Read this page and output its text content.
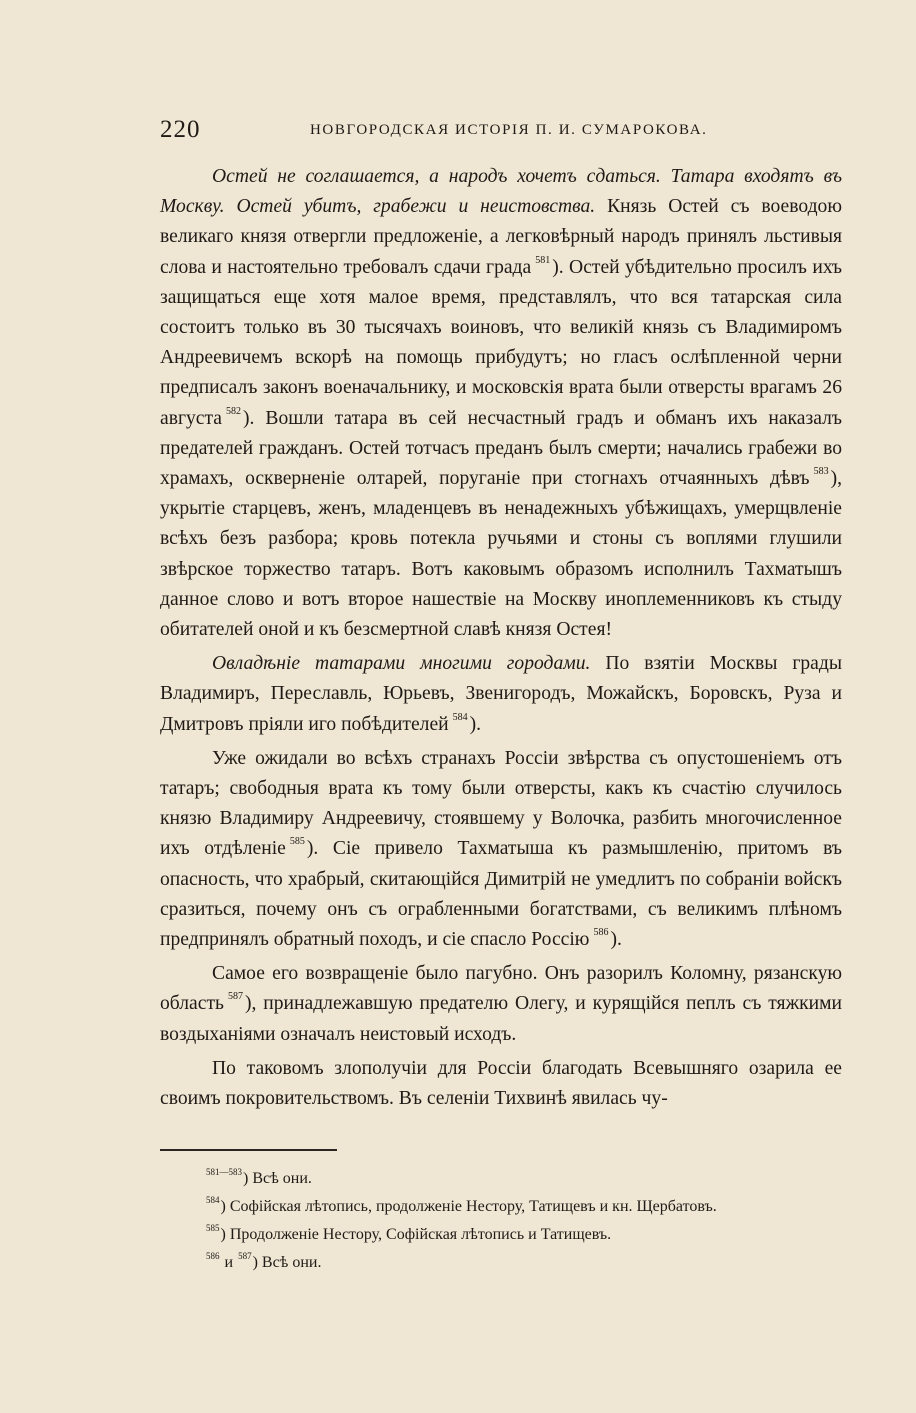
220	НОВГОРОДСКАЯ ИСТОРІЯ П. И. СУМАРОКОВА.

Остей не соглашается, а народъ хочетъ сдаться. Татара входятъ въ Москву. Остей убитъ, грабежи и неистовства. Князь Остей съ воеводою великаго князя отвергли предложеніе, а легковѣрный народъ принялъ льстивыя слова и настоятельно требовалъ сдачи града $^{581}$ ). Остей убѣдительно просилъ ихъ защищаться еще хотя малое время, представлялъ, что вся татарская сила состоитъ только въ 30 тысячахъ воиновъ, что великій князь съ Владимиромъ Андреевичемъ вскорѣ на помощь прибудутъ; но гласъ ослѣпленной черни предписалъ законъ военачальнику, и московскія врата были отверсты врагамъ 26 августа $^{582}$ ). Вошли татара въ сей несчастный градъ и обманъ ихъ наказалъ предателей гражданъ. Остей тотчасъ преданъ былъ смерти; начались грабежи во храмахъ, оскверненіе олтарей, поруганіе при стогнахъ отчаянныхъ дѣвъ $^{583}$ ), укрытіе старцевъ, женъ, младенцевъ въ ненадежныхъ убѣжищахъ, умерщвленіе всѣхъ безъ разбора; кровь потекла ручьями и стоны съ воплями глушили звѣрское торжество татаръ. Вотъ каковымъ образомъ исполнилъ Тахматышъ данное слово и вотъ второе нашествіе на Москву иноплеменниковъ къ стыду обитателей оной и къ безсмертной славѣ князя Остея!

Овладѣніе татарами многими городами. По взятіи Москвы грады Владимиръ, Переславль, Юрьевъ, Звенигородъ, Можайскъ, Боровскъ, Руза и Дмитровъ пріяли иго побѣдителей $^{584}$ ).

Уже ожидали во всѣхъ странахъ Россіи звѣрства съ опустошеніемъ отъ татаръ; свободныя врата къ тому были отверсты, какъ къ счастію случилось князю Владимиру Андреевичу, стоявшему у Волочка, разбить многочисленное ихъ отдѣленіе $^{585}$ ). Сіе привело Тахматыша къ размышленію, притомъ въ опасность, что храбрый, скитающійся Димитрій не умедлитъ по собраніи войскъ сразиться, почему онъ съ ограбленными богатствами, съ великимъ плѣномъ предпринялъ обратный походъ, и сіе спасло Россію $^{586}$ ).

Самое его возвращеніе было пагубно. Онъ разорилъ Коломну, рязанскую область $^{587}$ ), принадлежавшую предателю Олегу, и курящійся пеплъ съ тяжкими воздыханіями означалъ неистовый исходъ.

По таковомъ злополучіи для Россіи благодать Всевышняго озарила ее своимъ покровительствомъ. Въ селеніи Тихвинѣ явилась чу-

$^{581—583}$) Всѣ они.
$^{584}$) Софійская лѣтопись, продолженіе Нестору, Татищевъ и кн. Щербатовъ.
$^{585}$) Продолженіе Нестору, Софійская лѣтопись и Татищевъ.
$^{586}$ и $^{587}$) Всѣ они.
